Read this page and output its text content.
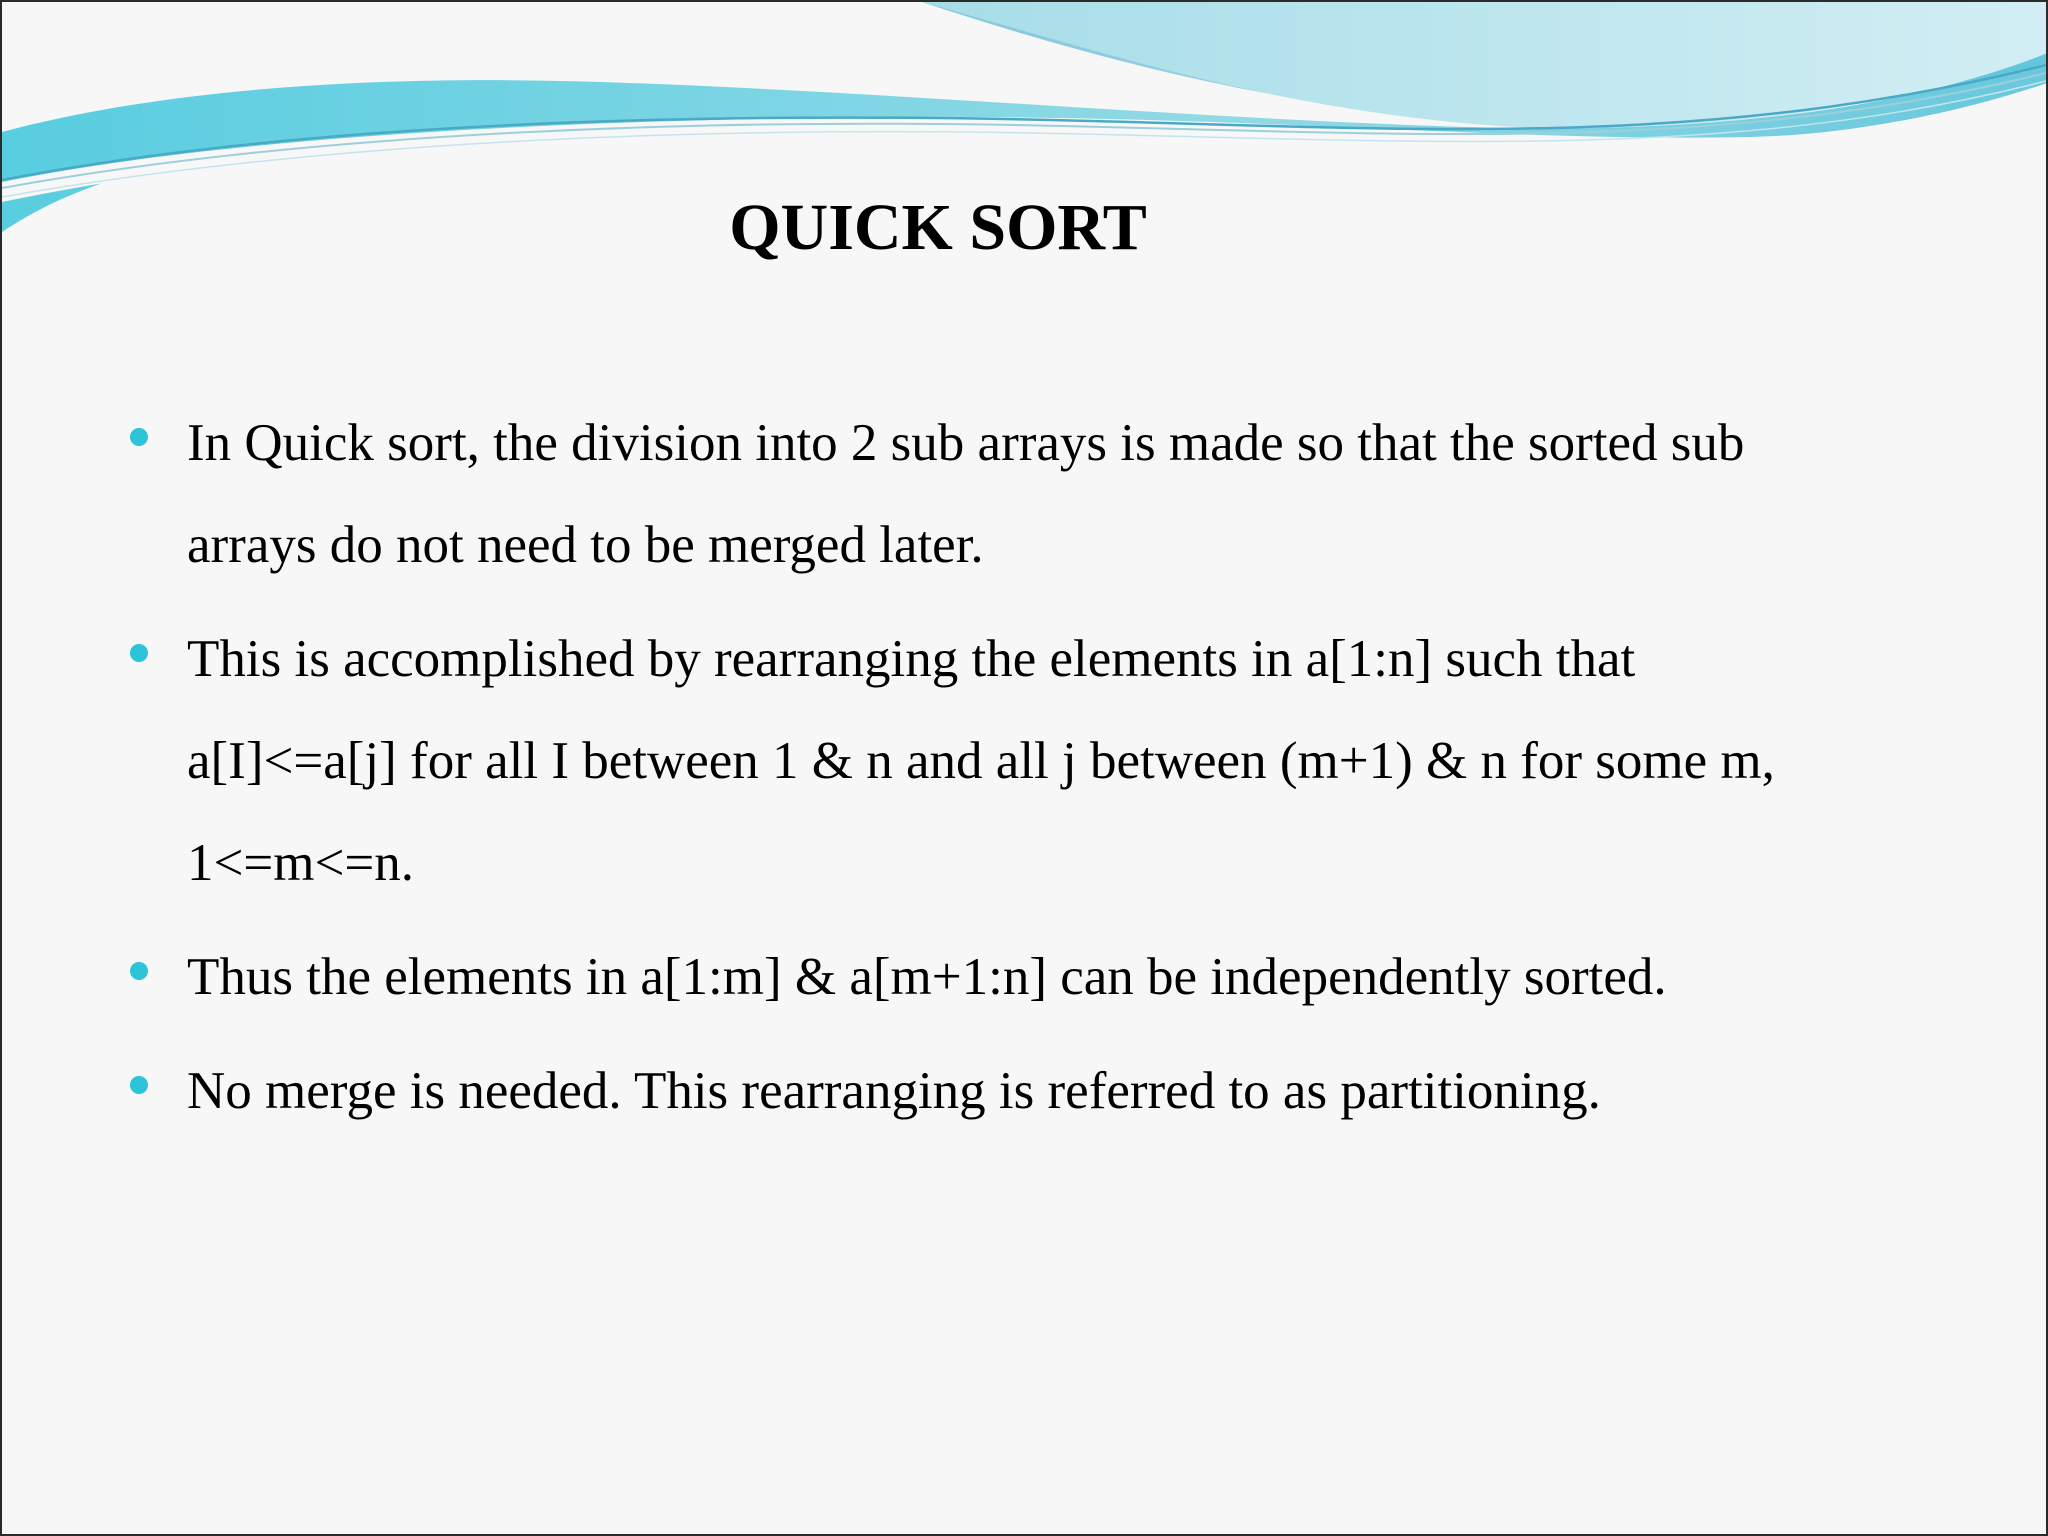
QUICK SORT
In Quick sort, the division into 2 sub arrays is made so that the sorted sub
arrays do not need to be merged later.
This is accomplished by rearranging the elements in a[1:n] such that
a[I]<=a[j] for all I between 1 & n and all j between (m+1) & n for some m,
1<=m<=n.
Thus the elements in a[1:m] & a[m+1:n] can be independently sorted.
No merge is needed. This rearranging is referred to as partitioning.
